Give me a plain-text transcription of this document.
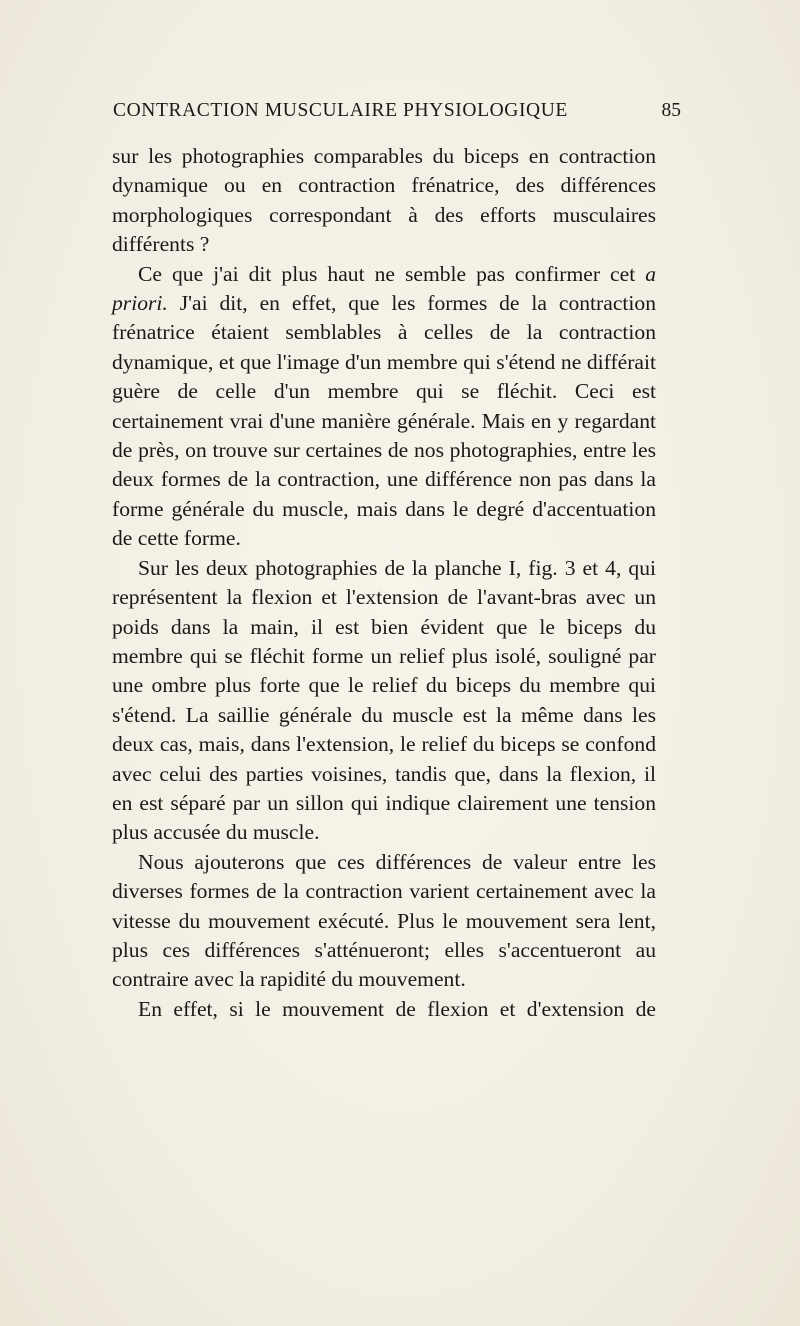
CONTRACTION MUSCULAIRE PHYSIOLOGIQUE	85

sur les photographies comparables du biceps en contraction dynamique ou en contraction frénatrice, des différences morphologiques correspondant à des efforts musculaires différents ?

Ce que j'ai dit plus haut ne semble pas confirmer cet a priori. J'ai dit, en effet, que les formes de la contraction frénatrice étaient semblables à celles de la contraction dynamique, et que l'image d'un membre qui s'étend ne différait guère de celle d'un membre qui se fléchit. Ceci est certainement vrai d'une manière générale. Mais en y regardant de près, on trouve sur certaines de nos photographies, entre les deux formes de la contraction, une différence non pas dans la forme générale du muscle, mais dans le degré d'accentuation de cette forme.

Sur les deux photographies de la planche I, fig. 3 et 4, qui représentent la flexion et l'extension de l'avant-bras avec un poids dans la main, il est bien évident que le biceps du membre qui se fléchit forme un relief plus isolé, souligné par une ombre plus forte que le relief du biceps du membre qui s'étend. La saillie générale du muscle est la même dans les deux cas, mais, dans l'extension, le relief du biceps se confond avec celui des parties voisines, tandis que, dans la flexion, il en est séparé par un sillon qui indique clairement une tension plus accusée du muscle.

Nous ajouterons que ces différences de valeur entre les diverses formes de la contraction varient certainement avec la vitesse du mouvement exécuté. Plus le mouvement sera lent, plus ces différences s'atténueront; elles s'accentueront au contraire avec la rapidité du mouvement.

En effet, si le mouvement de flexion et d'extension de
